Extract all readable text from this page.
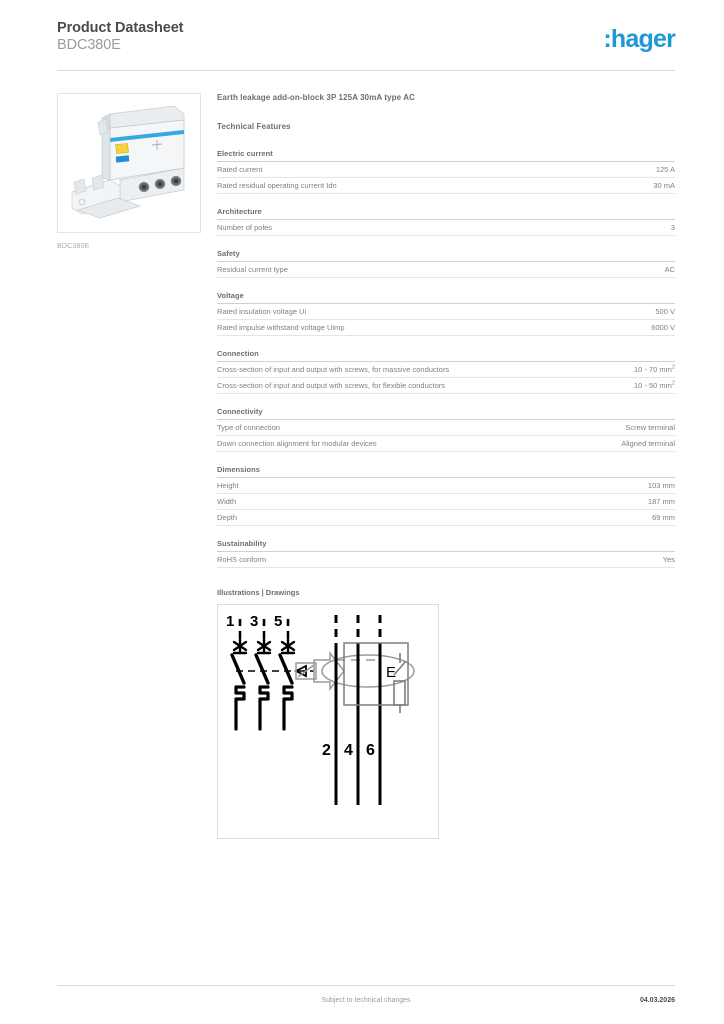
Product Datasheet
BDC380E	:hager
BDC380E
Earth leakage add-on-block 3P 125A 30mA type AC
Technical Features
Electric current
Rated current	125 A
Rated residual operating current Idn	30 mA
Architecture
Number of poles	3
Safety
Residual current type	AC
Voltage
Rated insulation voltage Ui	500 V
Rated impulse withstand voltage Uimp	6000 V
Connection
Cross-section of input and output with screws, for massive conductors	10 - 70 $mm^2$
Cross-section of input and output with screws, for flexible conductors	10 - 50 $mm^2$
Connectivity
Type of connection	Screw terminal
Down connection alignment for modular devices	Aligned terminal
Dimensions
Height	103 mm
Width	187 mm
Depth	69 mm
Sustainability
RoHS conform	Yes
Illustrations | Drawings
1 3 5
E
2 4 6
Subject to technical changes	04.03.2026
